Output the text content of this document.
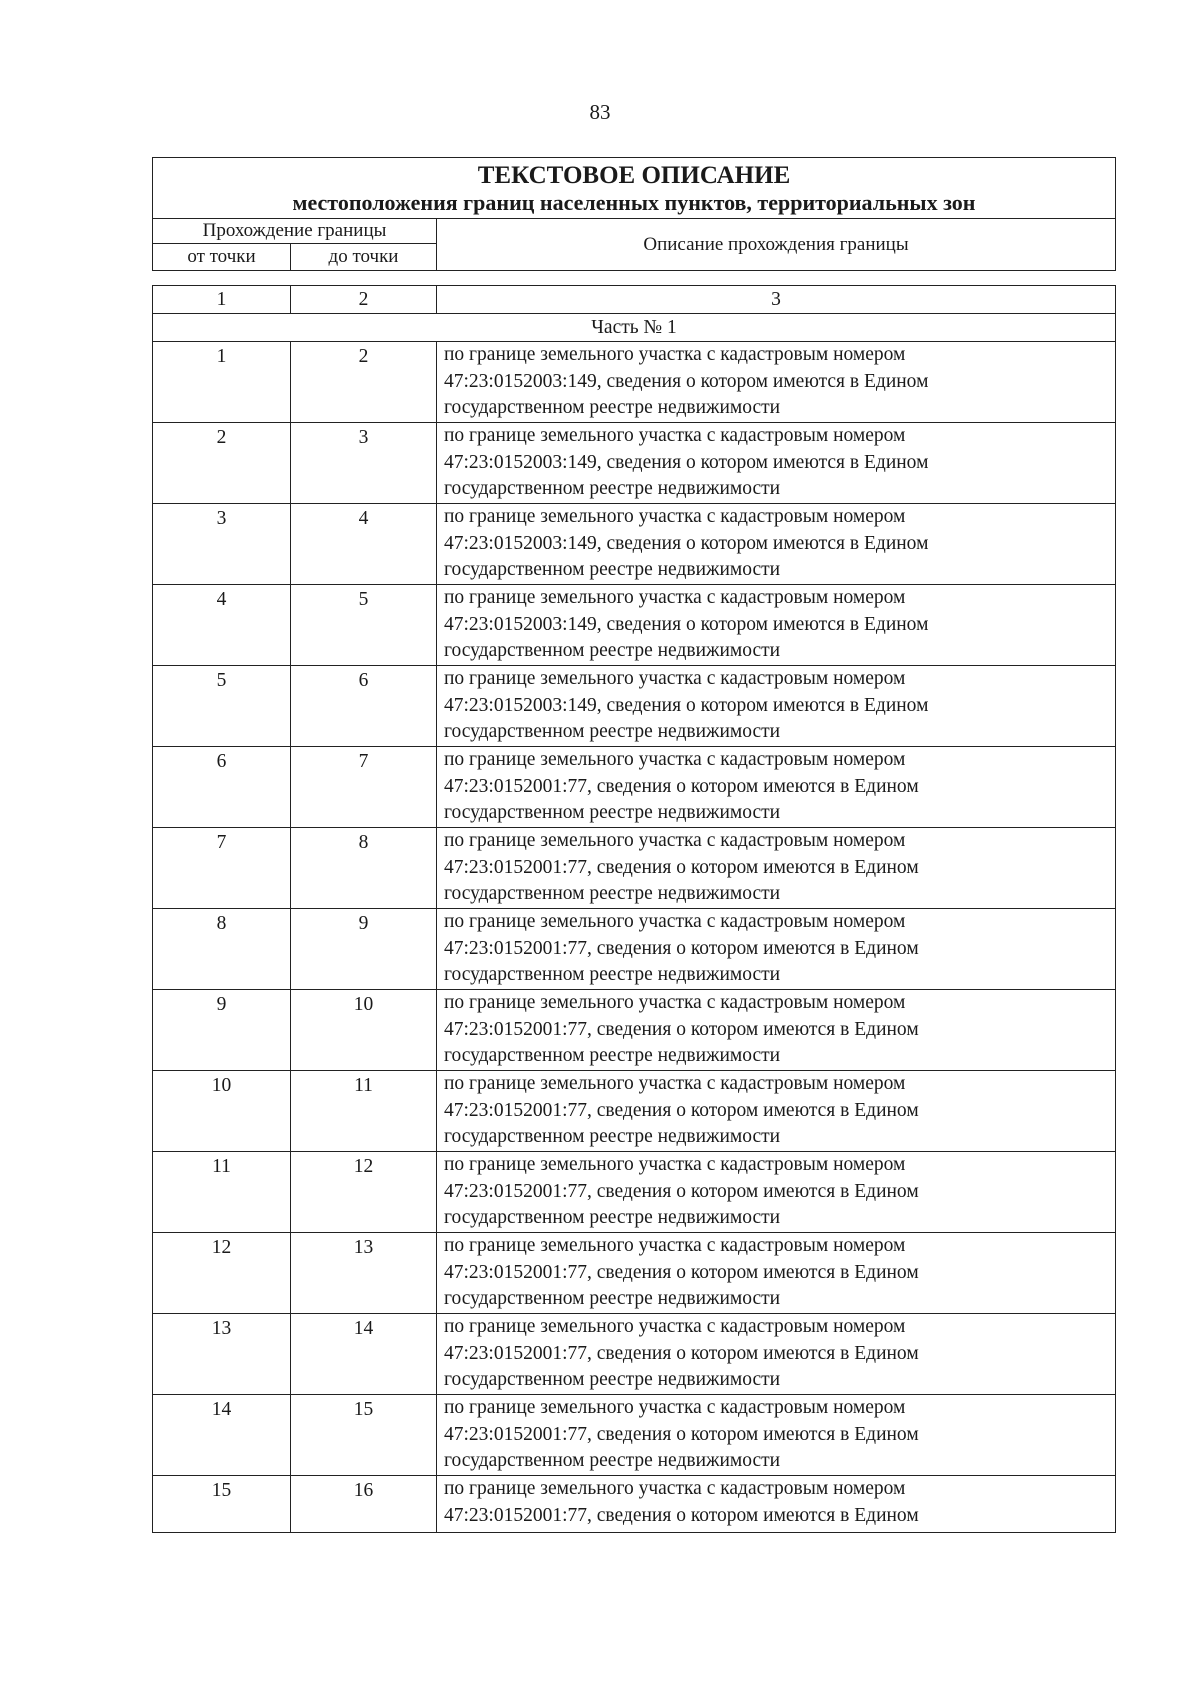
83
ТЕКСТОВОЕ ОПИСАНИЕ
местоположения границ населенных пунктов, территориальных зон
Прохождение границы
от точки	до точки
Описание прохождения границы
1	2	3
Часть № 1		
1	2	по границе земельного участка с кадастровым номером
47:23:0152003:149, сведения о котором имеются в Едином
государственном реестре недвижимости

2	3	по границе земельного участка с кадастровым номером
47:23:0152003:149, сведения о котором имеются в Едином
государственном реестре недвижимости

3	4	по границе земельного участка с кадастровым номером
47:23:0152003:149, сведения о котором имеются в Едином
государственном реестре недвижимости

4	5	по границе земельного участка с кадастровым номером
47:23:0152003:149, сведения о котором имеются в Едином
государственном реестре недвижимости

5	6	по границе земельного участка с кадастровым номером
47:23:0152003:149, сведения о котором имеются в Едином
государственном реестре недвижимости

6	7	по границе земельного участка с кадастровым номером
47:23:0152001:77, сведения о котором имеются в Едином
государственном реестре недвижимости

7	8	по границе земельного участка с кадастровым номером
47:23:0152001:77, сведения о котором имеются в Едином
государственном реестре недвижимости

8	9	по границе земельного участка с кадастровым номером
47:23:0152001:77, сведения о котором имеются в Едином
государственном реестре недвижимости

9	10	по границе земельного участка с кадастровым номером
47:23:0152001:77, сведения о котором имеются в Едином
государственном реестре недвижимости

10	11	по границе земельного участка с кадастровым номером
47:23:0152001:77, сведения о котором имеются в Едином
государственном реестре недвижимости

11	12	по границе земельного участка с кадастровым номером
47:23:0152001:77, сведения о котором имеются в Едином
государственном реестре недвижимости

12	13	по границе земельного участка с кадастровым номером
47:23:0152001:77, сведения о котором имеются в Едином
государственном реестре недвижимости

13	14	по границе земельного участка с кадастровым номером
47:23:0152001:77, сведения о котором имеются в Едином
государственном реестре недвижимости

14	15	по границе земельного участка с кадастровым номером
47:23:0152001:77, сведения о котором имеются в Едином
государственном реестре недвижимости

15	16	по границе земельного участка с кадастровым номером
47:23:0152001:77, сведения о котором имеются в Едином
